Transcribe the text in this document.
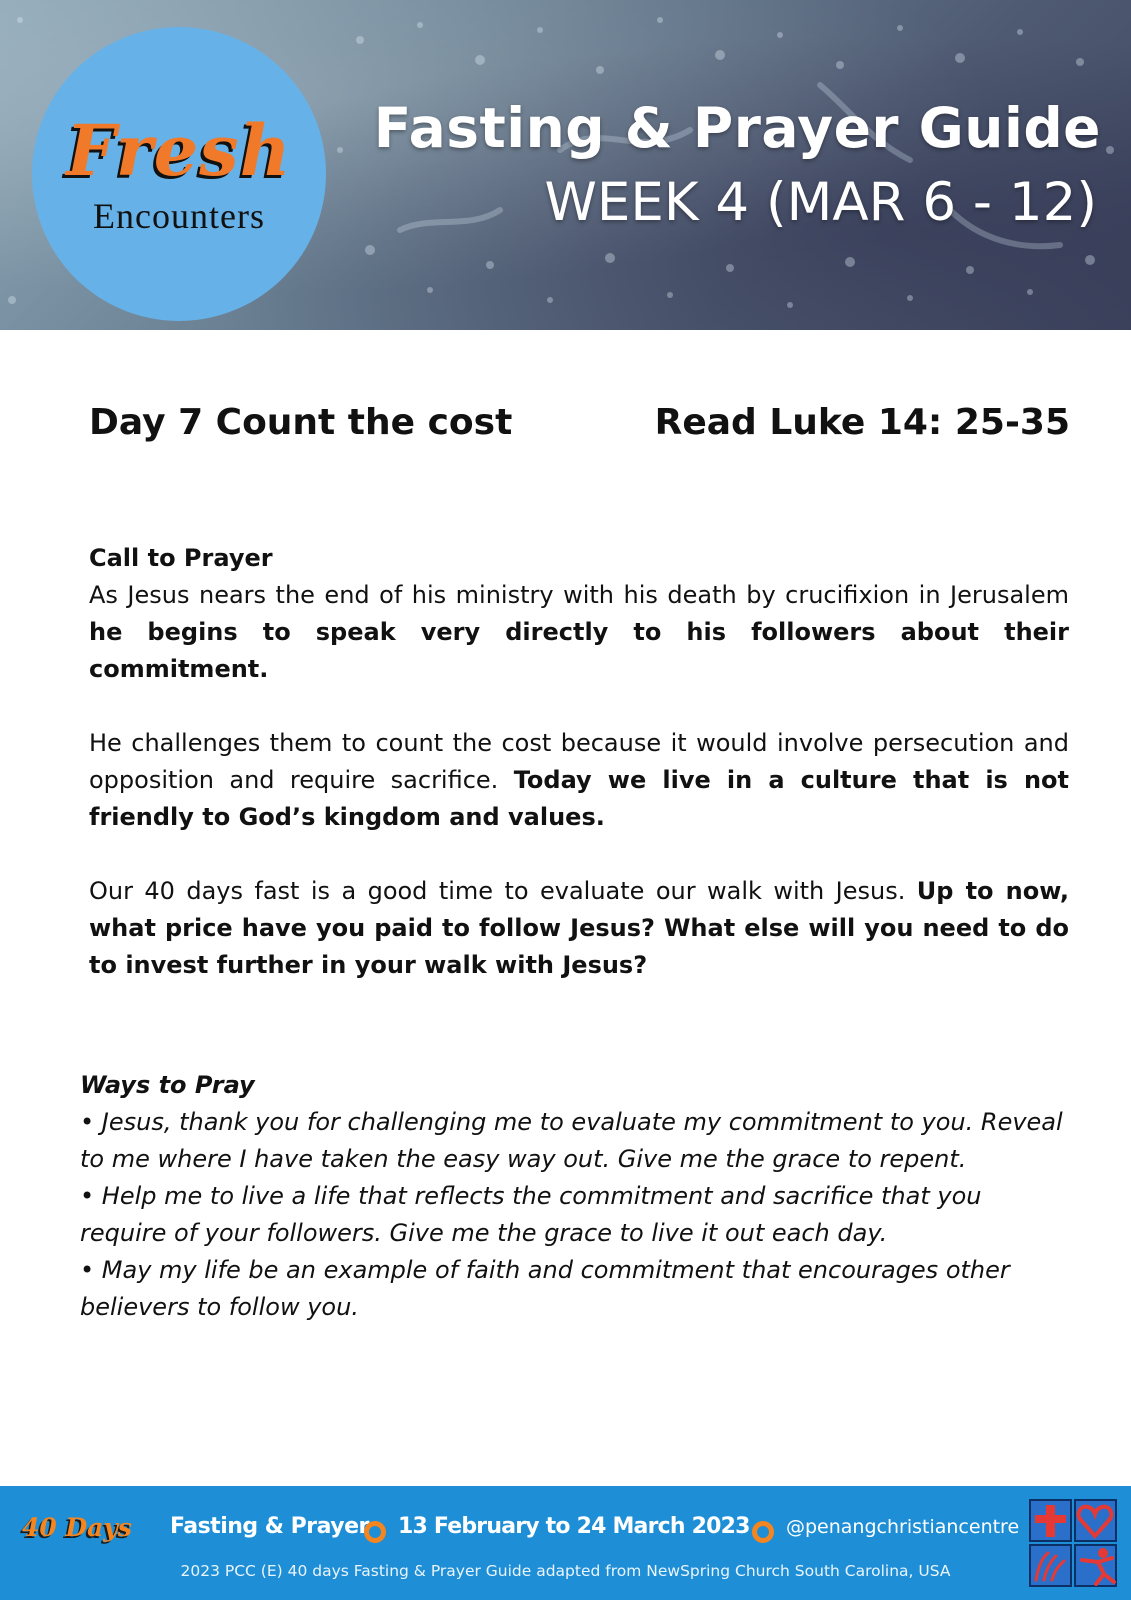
Fresh
Encounters
Fasting & Prayer Guide
WEEK 4 (MAR 6 - 12)
Day 7 Count the cost	Read Luke 14: 25-35
Call to Prayer

As Jesus nears the end of his ministry with his death by crucifixion in Jerusalem he begins to speak very directly to his followers about their commitment.

He challenges them to count the cost because it would involve persecution and opposition and require sacrifice. Today we live in a culture that is not friendly to God’s kingdom and values.

Our 40 days fast is a good time to evaluate our walk with Jesus. Up to now, what price have you paid to follow Jesus? What else will you need to do to invest further in your walk with Jesus?

Ways to Pray

• Jesus, thank you for challenging me to evaluate my commitment to you. Reveal to me where I have taken the easy way out. Give me the grace to repent.

• Help me to live a life that reflects the commitment and sacrifice that you require of your followers. Give me the grace to live it out each day.

• May my life be an example of faith and commitment that encourages other believers to follow you.

40 Days Fasting & Prayer 13 February to 24 March 2023 @penangchristiancentre
2023 PCC (E) 40 days Fasting & Prayer Guide adapted from NewSpring Church South Carolina, USA
